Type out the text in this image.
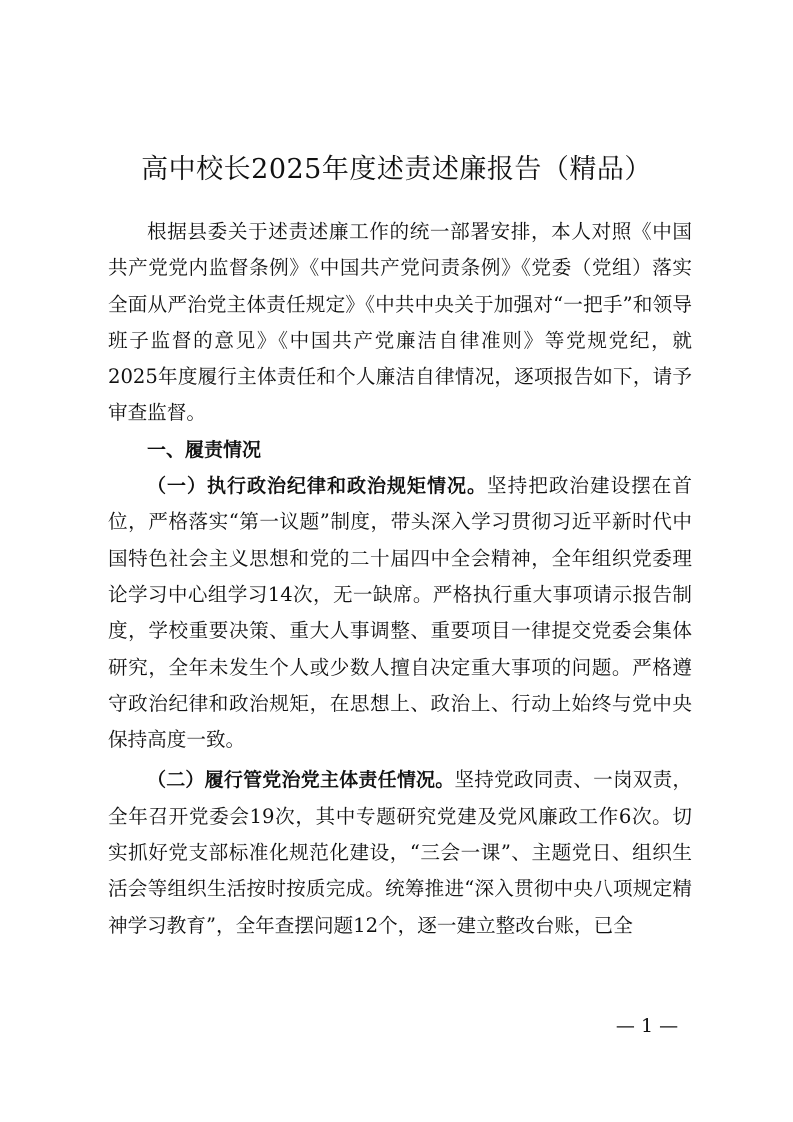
高中校长2025年度述责述廉报告（精品）

根据县委关于述责述廉工作的统一部署安排，本人对照《中国共产党党内监督条例》《中国共产党问责条例》《党委（党组）落实全面从严治党主体责任规定》《中共中央关于加强对“一把手”和领导班子监督的意见》《中国共产党廉洁自律准则》等党规党纪，就2025年度履行主体责任和个人廉洁自律情况，逐项报告如下，请予审查监督。

一、履责情况

（一）执行政治纪律和政治规矩情况。坚持把政治建设摆在首位，严格落实“第一议题”制度，带头深入学习贯彻习近平新时代中国特色社会主义思想和党的二十届四中全会精神，全年组织党委理论学习中心组学习14次，无一缺席。严格执行重大事项请示报告制度，学校重要决策、重大人事调整、重要项目一律提交党委会集体研究，全年未发生个人或少数人擅自决定重大事项的问题。严格遵守政治纪律和政治规矩，在思想上、政治上、行动上始终与党中央保持高度一致。

（二）履行管党治党主体责任情况。坚持党政同责、一岗双责，全年召开党委会19次，其中专题研究党建及党风廉政工作6次。切实抓好党支部标准化规范化建设，“三会一课”、主题党日、组织生活会等组织生活按时按质完成。统筹推进“深入贯彻中央八项规定精神学习教育”，全年查摆问题12个，逐一建立整改台账，已全

— 1 —
